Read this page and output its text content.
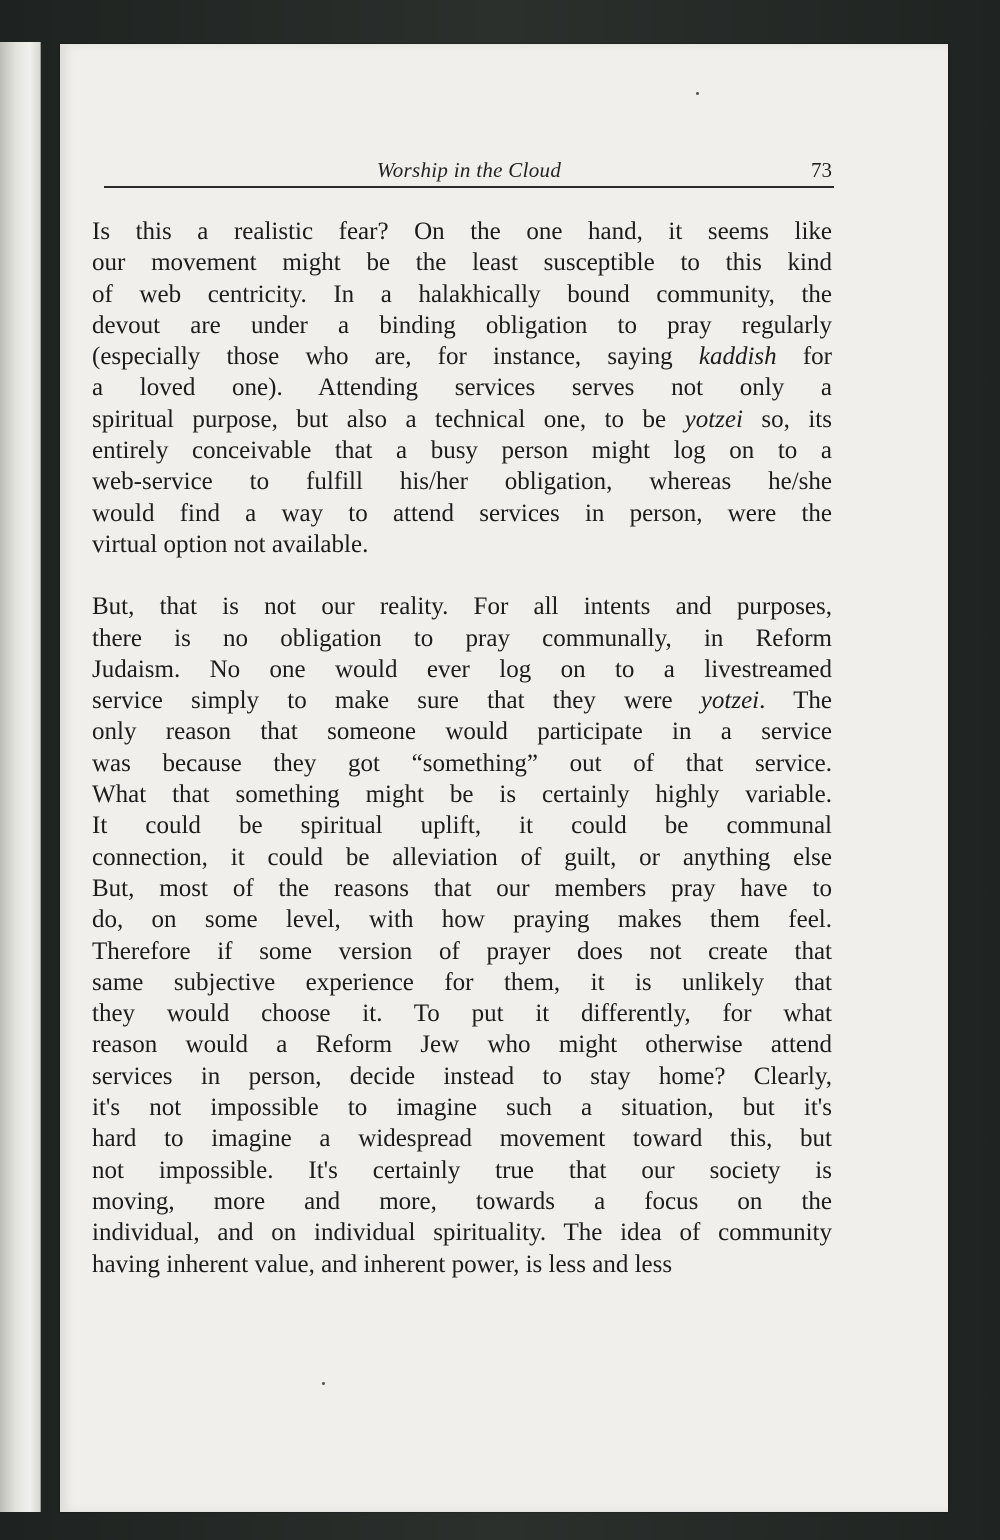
Worship in the Cloud	73
Is this a realistic fear? On the one hand, it seems like
our movement might be the least susceptible to this kind
of web centricity. In a halakhically bound community, the
devout are under a binding obligation to pray regularly
(especially those who are, for instance, saying kaddish for
a loved one). Attending services serves not only a
spiritual purpose, but also a technical one, to be yotzei so, its
entirely conceivable that a busy person might log on to a
web-service to fulfill his/her obligation, whereas he/she
would find a way to attend services in person, were the
virtual option not available.
But, that is not our reality. For all intents and purposes,
there is no obligation to pray communally, in Reform
Judaism. No one would ever log on to a livestreamed
service simply to make sure that they were yotzei. The
only reason that someone would participate in a service
was because they got “something” out of that service.
What that something might be is certainly highly variable.
It could be spiritual uplift, it could be communal
connection, it could be alleviation of guilt, or anything else
But, most of the reasons that our members pray have to
do, on some level, with how praying makes them feel.
Therefore if some version of prayer does not create that
same subjective experience for them, it is unlikely that
they would choose it. To put it differently, for what
reason would a Reform Jew who might otherwise attend
services in person, decide instead to stay home? Clearly,
it's not impossible to imagine such a situation, but it's
hard to imagine a widespread movement toward this, but
not impossible. It's certainly true that our society is
moving, more and more, towards a focus on the
individual, and on individual spirituality. The idea of community
having inherent value, and inherent power, is less and less
